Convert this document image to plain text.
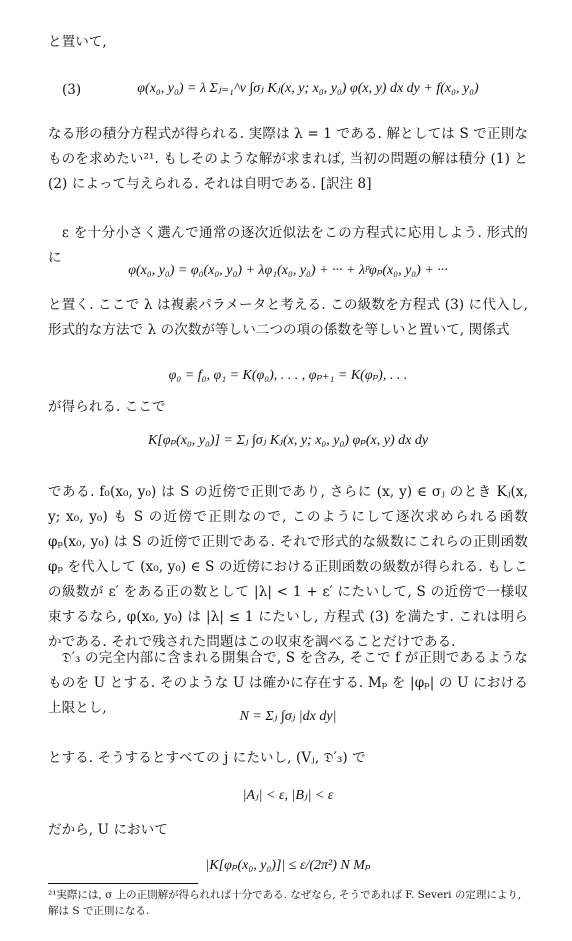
と置いて,
(3)	φ(x₀, y₀) = λ Σⱼ₌₁^ν ∫σⱼ Kⱼ(x, y; x₀, y₀) φ(x, y) dx dy + f(x₀, y₀)
なる形の積分方程式が得られる. 実際は λ = 1 である. 解としては S で正則なものを求めたい²¹. もしそのような解が求まれば, 当初の問題の解は積分 (1) と (2) によって与えられる. それは自明である. [訳注 8]
　ε を十分小さく選んで通常の逐次近似法をこの方程式に応用しよう. 形式的に
φ(x₀, y₀) = φ₀(x₀, y₀) + λφ₁(x₀, y₀) + ··· + λᵖφₚ(x₀, y₀) + ···
と置く. ここで λ は複素パラメータと考える. この級数を方程式 (3) に代入し, 形式的な方法で λ の次数が等しい二つの項の係数を等しいと置いて, 関係式
φ₀ = f₀, φ₁ = K(φ₀), . . . , φₚ₊₁ = K(φₚ), . . .
が得られる. ここで
K[φₚ(x₀, y₀)] = Σⱼ ∫σⱼ Kⱼ(x, y; x₀, y₀) φₚ(x, y) dx dy
である. f₀(x₀, y₀) は S の近傍で正則であり, さらに (x, y) ∈ σⱼ のとき Kⱼ(x, y; x₀, y₀) も S の近傍で正則なので, このようにして逐次求められる函数 φₚ(x₀, y₀) は S の近傍で正則である. それで形式的な級数にこれらの正則函数 φₚ を代入して (x₀, y₀) ∈ S の近傍における正則函数の級数が得られる. もしこの級数が ε′ をある正の数として |λ| < 1 + ε′ にたいして, S の近傍で一様収束するなら, φ(x₀, y₀) は |λ| ≤ 1 にたいし, 方程式 (3) を満たす. これは明らかである. それで残された問題はこの収束を調べることだけである.
　𝔇′₃ の完全内部に含まれる開集合で, S を含み, そこで f が正則であるようなものを U とする. そのような U は確かに存在する. Mₚ を |φₚ| の U における上限とし,
N = Σⱼ ∫σⱼ |dx dy|
とする. そうするとすべての j にたいし, (Vⱼ, 𝔇′₃) で
|Aⱼ| < ε, |Bⱼ| < ε
だから, U において
|K[φₚ(x₀, y₀)]| ≤ ε/(2π²) N Mₚ
²¹実際には, σ 上の正則解が得られれば十分である. なぜなら, そうであれば F. Severi の定理により, 解は S で正則になる.
